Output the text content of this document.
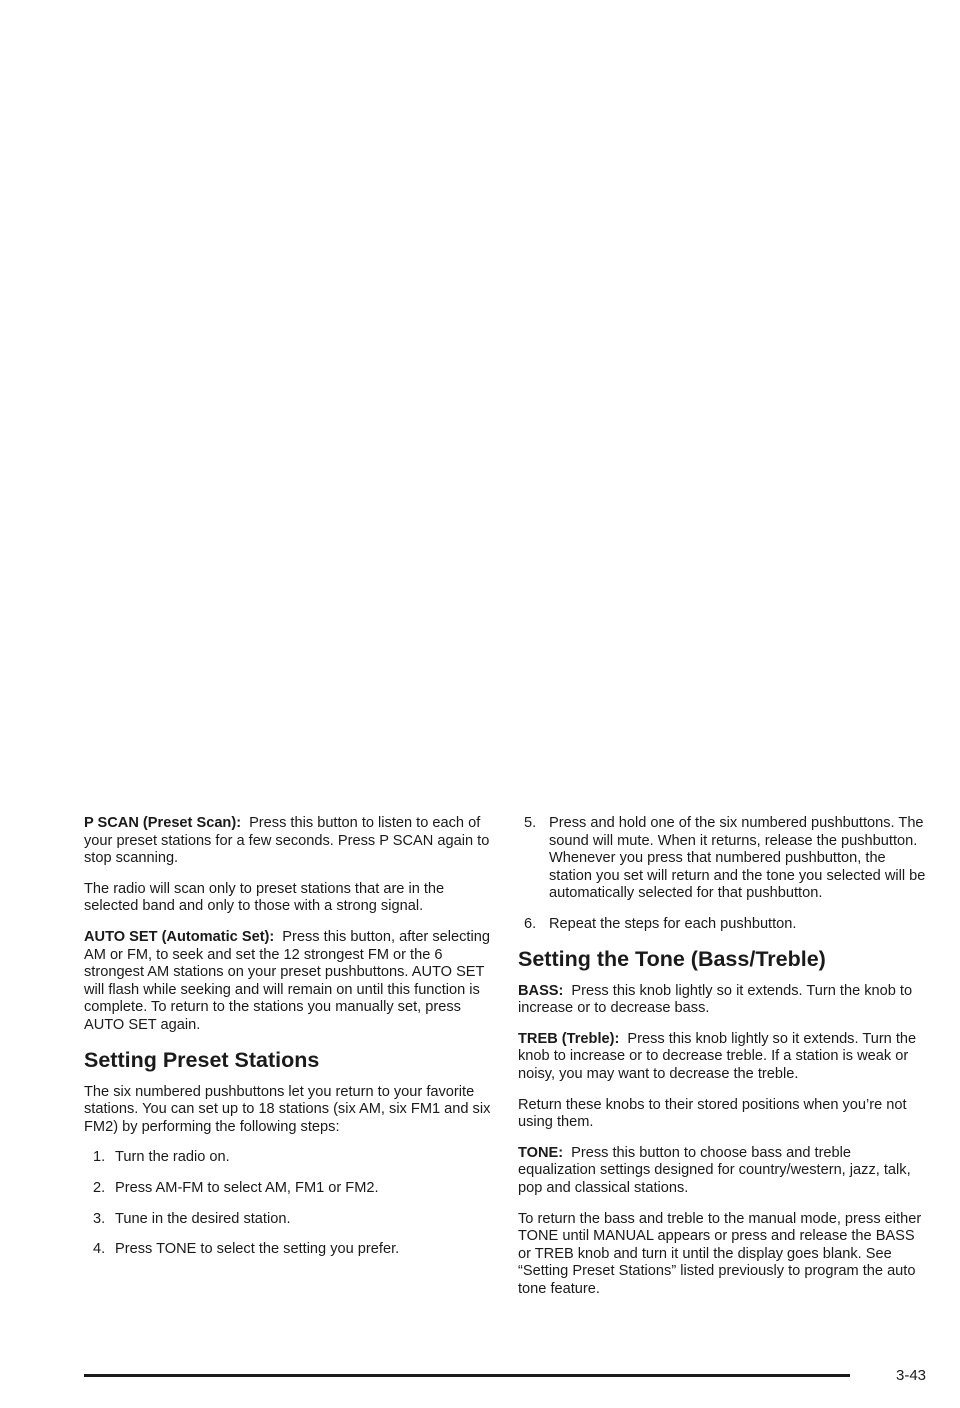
P SCAN (Preset Scan): Press this button to listen to each of your preset stations for a few seconds. Press P SCAN again to stop scanning.

The radio will scan only to preset stations that are in the selected band and only to those with a strong signal.

AUTO SET (Automatic Set): Press this button, after selecting AM or FM, to seek and set the 12 strongest FM or the 6 strongest AM stations on your preset pushbuttons. AUTO SET will flash while seeking and will remain on until this function is complete. To return to the stations you manually set, press AUTO SET again.

Setting Preset Stations

The six numbered pushbuttons let you return to your favorite stations. You can set up to 18 stations (six AM, six FM1 and six FM2) by performing the following steps:

1. Turn the radio on.
2. Press AM-FM to select AM, FM1 or FM2.
3. Tune in the desired station.
4. Press TONE to select the setting you prefer.
5. Press and hold one of the six numbered pushbuttons. The sound will mute. When it returns, release the pushbutton. Whenever you press that numbered pushbutton, the station you set will return and the tone you selected will be automatically selected for that pushbutton.
6. Repeat the steps for each pushbutton.
Setting the Tone (Bass/Treble)

BASS: Press this knob lightly so it extends. Turn the knob to increase or to decrease bass.

TREB (Treble): Press this knob lightly so it extends. Turn the knob to increase or to decrease treble. If a station is weak or noisy, you may want to decrease the treble.

Return these knobs to their stored positions when you’re not using them.

TONE: Press this button to choose bass and treble equalization settings designed for country/western, jazz, talk, pop and classical stations.

To return the bass and treble to the manual mode, press either TONE until MANUAL appears or press and release the BASS or TREB knob and turn it until the display goes blank. See “Setting Preset Stations” listed previously to program the auto tone feature.

3-43
